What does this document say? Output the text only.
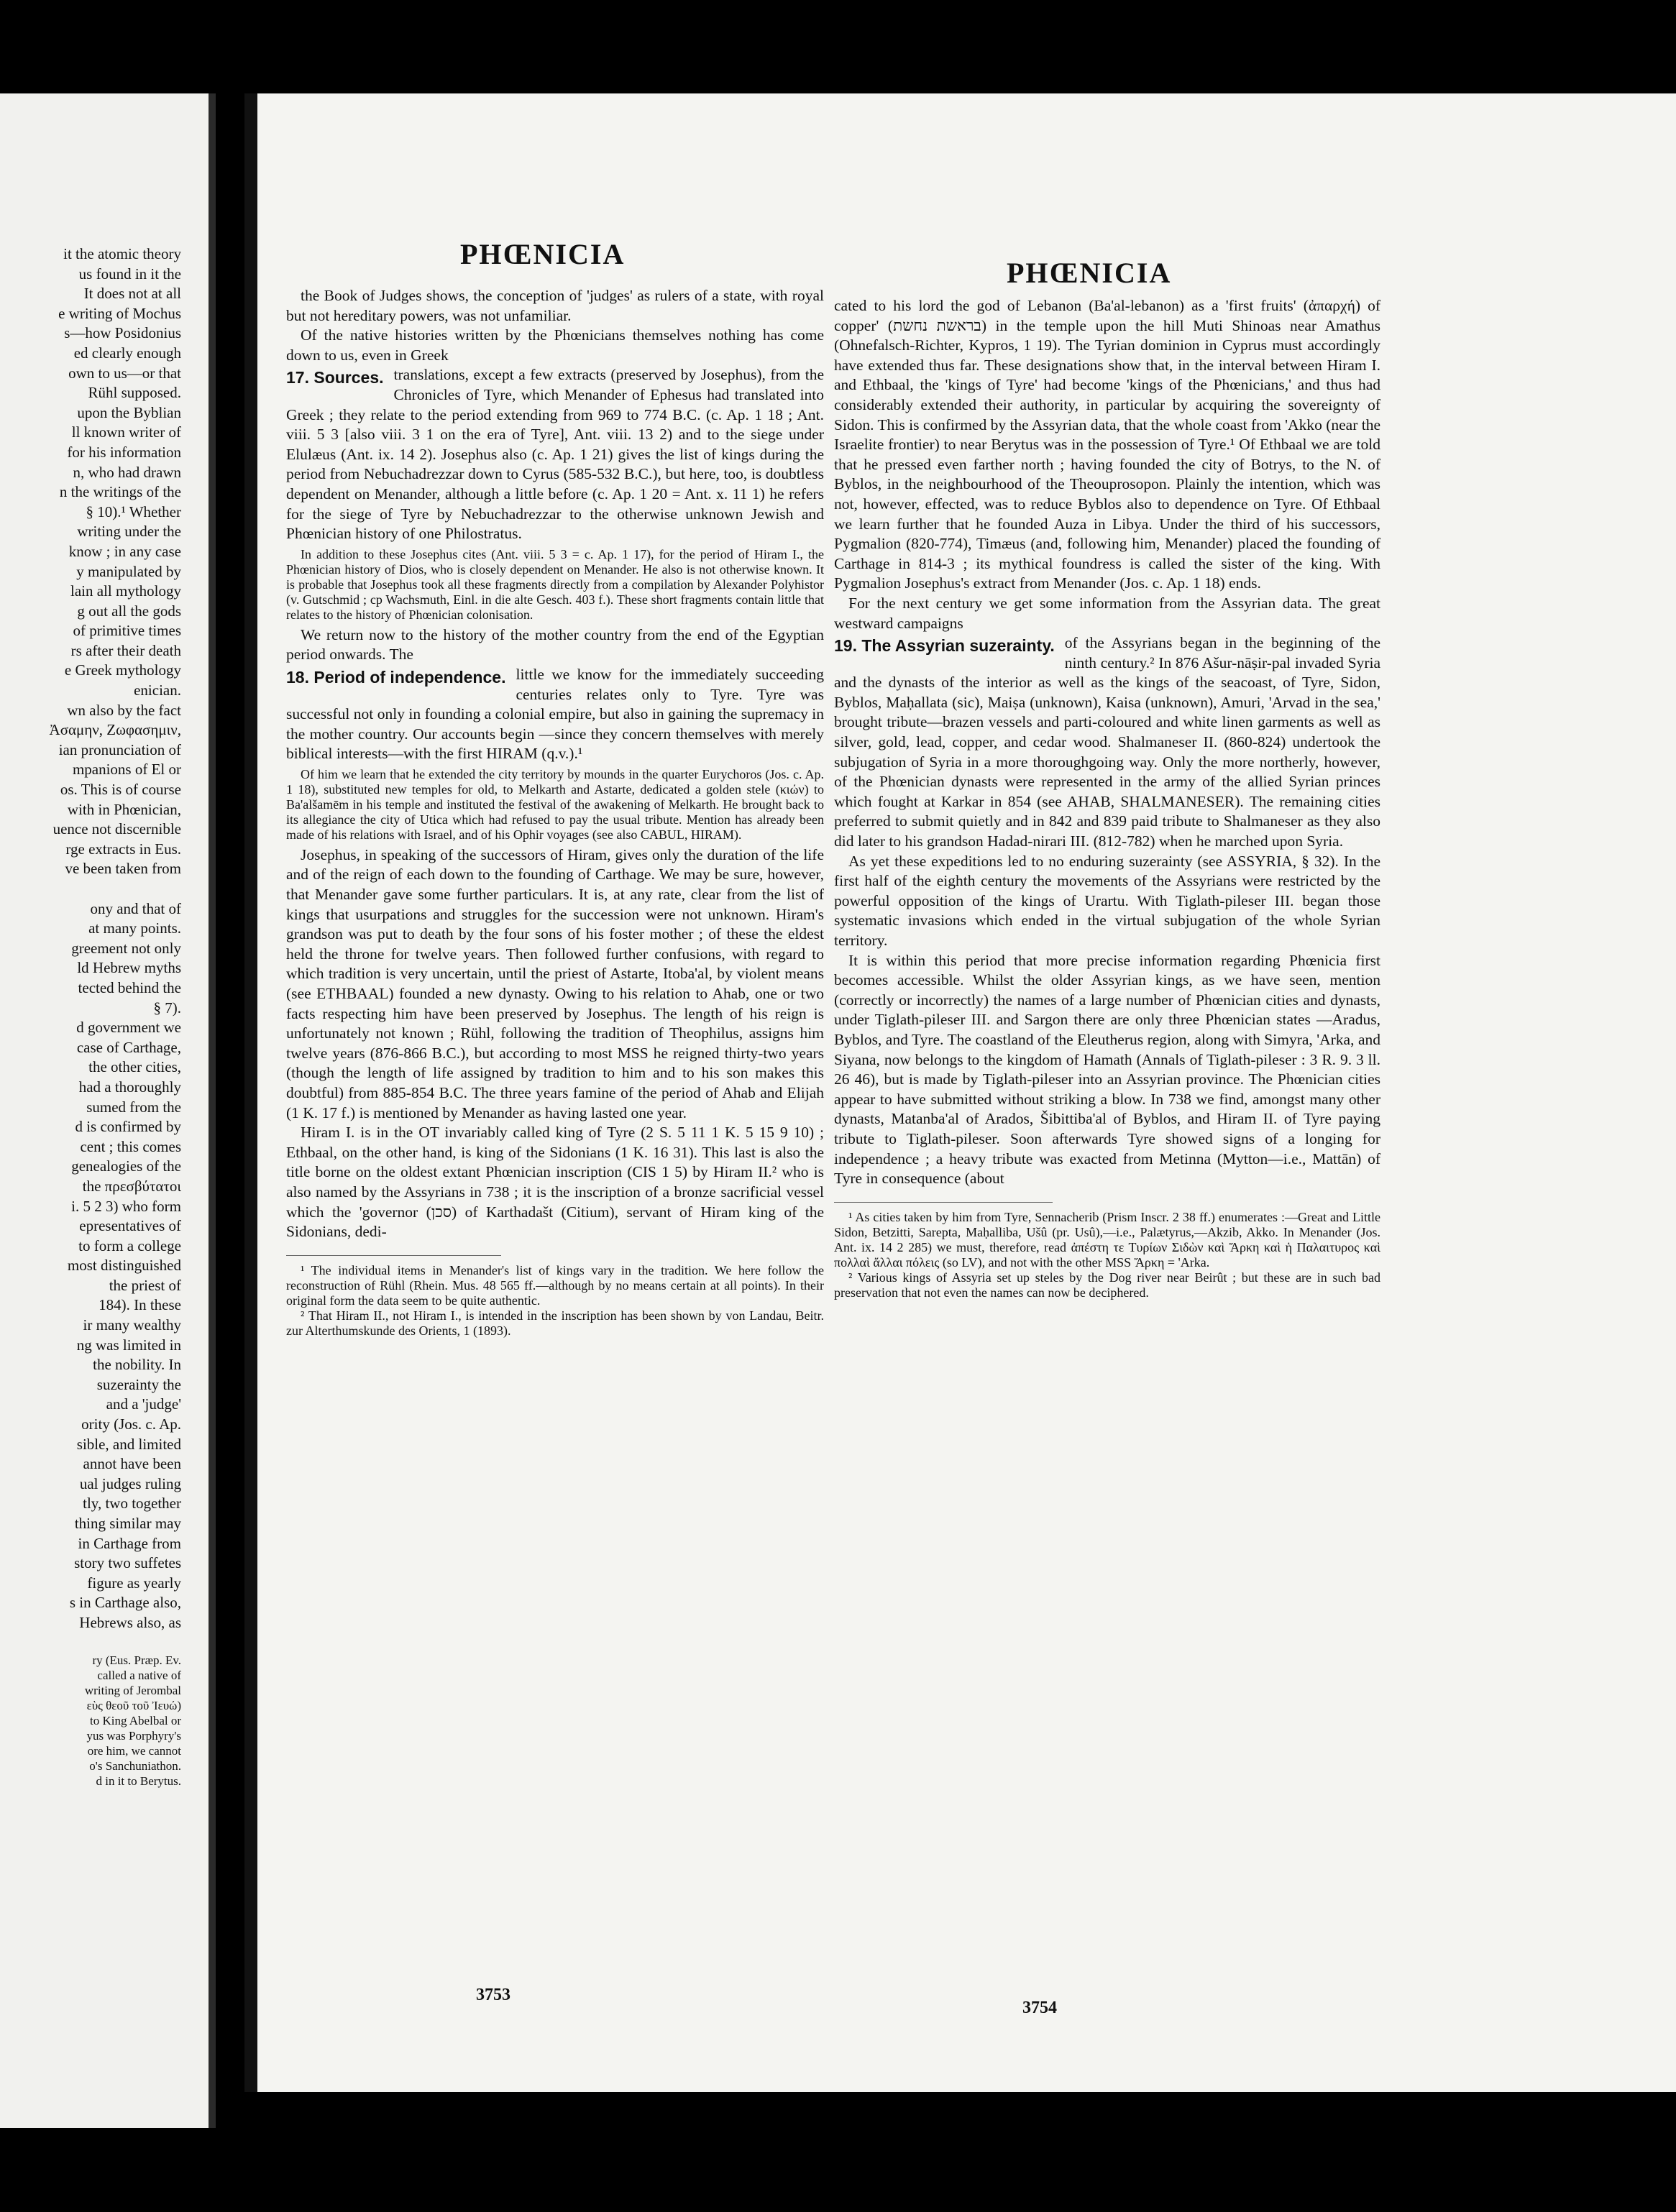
it the atomic theory
us found in it the
It does not at all
e writing of Mochus
s—how Posidonius
ed clearly enough
own to us—or that
Rühl supposed.
upon the Byblian
ll known writer of
for his information
n, who had drawn
n the writings of the
§ 10).¹ Whether
writing under the
know ; in any case
y manipulated by
lain all mythology
g out all the gods
of primitive times
rs after their death
e Greek mythology
enician.
wn also by the fact
Ἀσαμην, Ζωφασημιν,
ian pronunciation of
mpanions of El or
os. This is of course
with in Phœnician,
uence not discernible
rge extracts in Eus.
ve been taken from

ony and that of
at many points.
greement not only
ld Hebrew myths
tected behind the
§ 7).
d government we
case of Carthage,
the other cities,
had a thoroughly
sumed from the
d is confirmed by
cent ; this comes
genealogies of the
the πρεσβύτατοι
i. 5 2 3) who form
epresentatives of
to form a college
most distinguished
the priest of
184). In these
ir many wealthy
ng was limited in
the nobility. In
suzerainty the
and a 'judge'
ority (Jos. c. Ap.
sible, and limited
annot have been
ual judges ruling
tly, two together
thing similar may
in Carthage from
story two suffetes
figure as yearly
s in Carthage also,
Hebrews also, as

ry (Eus. Præp. Ev.
called a native of
writing of Jerombal
εὺς θεοῦ τοῦ Ἰευώ)
to King Abelbal or
yus was Porphyry's
ore him, we cannot
o's Sanchuniathon.
d in it to Berytus.
PHŒNICIA
PHŒNICIA

the Book of Judges shows, the conception of 'judges' as rulers of a state, with royal but not hereditary powers, was not unfamiliar.

Of the native histories written by the Phœnicians themselves nothing has come down to us, even in Greek

17. Sources. translations, except a few extracts (preserved by Josephus), from the Chronicles of Tyre, which Menander of Ephesus had translated into Greek ; they relate to the period extending from 969 to 774 B.C. (c. Ap. 1 18 ; Ant. viii. 5 3 [also viii. 3 1 on the era of Tyre], Ant. viii. 13 2) and to the siege under Elulæus (Ant. ix. 14 2). Josephus also (c. Ap. 1 21) gives the list of kings during the period from Nebuchadrezzar down to Cyrus (585-532 B.C.), but here, too, is doubtless dependent on Menander, although a little before (c. Ap. 1 20 = Ant. x. 11 1) he refers for the siege of Tyre by Nebuchadrezzar to the otherwise unknown Jewish and Phœnician history of one Philostratus.

In addition to these Josephus cites (Ant. viii. 5 3 = c. Ap. 1 17), for the period of Hiram I., the Phœnician history of Dios, who is closely dependent on Menander. He also is not otherwise known. It is probable that Josephus took all these fragments directly from a compilation by Alexander Polyhistor (v. Gutschmid ; cp Wachsmuth, Einl. in die alte Gesch. 403 f.). These short fragments contain little that relates to the history of Phœnician colonisation.

We return now to the history of the mother country from the end of the Egyptian period onwards. The

18. Period of independence. little we know for the immediately succeeding centuries relates only to Tyre. Tyre was successful not only in founding a colonial empire, but also in gaining the supremacy in the mother country. Our accounts begin —since they concern themselves with merely biblical interests—with the first HIRAM (q.v.).¹

Of him we learn that he extended the city territory by mounds in the quarter Eurychoros (Jos. c. Ap. 1 18), substituted new temples for old, to Melkarth and Astarte, dedicated a golden stele (κιών) to Ba'alšamēm in his temple and instituted the festival of the awakening of Melkarth. He brought back to its allegiance the city of Utica which had refused to pay the usual tribute. Mention has already been made of his relations with Israel, and of his Ophir voyages (see also CABUL, HIRAM).

Josephus, in speaking of the successors of Hiram, gives only the duration of the life and of the reign of each down to the founding of Carthage. We may be sure, however, that Menander gave some further particulars. It is, at any rate, clear from the list of kings that usurpations and struggles for the succession were not unknown. Hiram's grandson was put to death by the four sons of his foster mother ; of these the eldest held the throne for twelve years. Then followed further confusions, with regard to which tradition is very uncertain, until the priest of Astarte, Itoba'al, by violent means (see ETHBAAL) founded a new dynasty. Owing to his relation to Ahab, one or two facts respecting him have been preserved by Josephus. The length of his reign is unfortunately not known ; Rühl, following the tradition of Theophilus, assigns him twelve years (876-866 B.C.), but according to most MSS he reigned thirty-two years (though the length of life assigned by tradition to him and to his son makes this doubtful) from 885-854 B.C. The three years famine of the period of Ahab and Elijah (1 K. 17 f.) is mentioned by Menander as having lasted one year.

Hiram I. is in the OT invariably called king of Tyre (2 S. 5 11 1 K. 5 15 9 10) ; Ethbaal, on the other hand, is king of the Sidonians (1 K. 16 31). This last is also the title borne on the oldest extant Phœnician inscription (CIS 1 5) by Hiram II.² who is also named by the Assyrians in 738 ; it is the inscription of a bronze sacrificial vessel which the 'governor (סכן) of Karthadašt (Citium), servant of Hiram king of the Sidonians, dedi-

¹ The individual items in Menander's list of kings vary in the tradition. We here follow the reconstruction of Rühl (Rhein. Mus. 48 565 ff.—although by no means certain at all points). In their original form the data seem to be quite authentic.

² That Hiram II., not Hiram I., is intended in the inscription has been shown by von Landau, Beitr. zur Alterthumskunde des Orients, 1 (1893).

cated to his lord the god of Lebanon (Ba'al-lebanon) as a 'first fruits' (ἀπαρχή) of copper' (בראשת נחשת) in the temple upon the hill Muti Shinoas near Amathus (Ohnefalsch-Richter, Kypros, 1 19). The Tyrian dominion in Cyprus must accordingly have extended thus far. These designations show that, in the interval between Hiram I. and Ethbaal, the 'kings of Tyre' had become 'kings of the Phœnicians,' and thus had considerably extended their authority, in particular by acquiring the sovereignty of Sidon. This is confirmed by the Assyrian data, that the whole coast from 'Akko (near the Israelite frontier) to near Berytus was in the possession of Tyre.¹ Of Ethbaal we are told that he pressed even farther north ; having founded the city of Botrys, to the N. of Byblos, in the neighbourhood of the Theouprosopon. Plainly the intention, which was not, however, effected, was to reduce Byblos also to dependence on Tyre. Of Ethbaal we learn further that he founded Auza in Libya. Under the third of his successors, Pygmalion (820-774), Timæus (and, following him, Menander) placed the founding of Carthage in 814-3 ; its mythical foundress is called the sister of the king. With Pygmalion Josephus's extract from Menander (Jos. c. Ap. 1 18) ends.

For the next century we get some information from the Assyrian data. The great westward campaigns

19. The Assyrian suzerainty. of the Assyrians began in the beginning of the ninth century.² In 876 Ašur-nāṣir-pal invaded Syria and the dynasts of the interior as well as the kings of the seacoast, of Tyre, Sidon, Byblos, Maḥallata (sic), Maiṣa (unknown), Kaisa (unknown), Amuri, 'Arvad in the sea,' brought tribute—brazen vessels and parti-coloured and white linen garments as well as silver, gold, lead, copper, and cedar wood. Shalmaneser II. (860-824) undertook the subjugation of Syria in a more thoroughgoing way. Only the more northerly, however, of the Phœnician dynasts were represented in the army of the allied Syrian princes which fought at Karkar in 854 (see AHAB, SHALMANESER). The remaining cities preferred to submit quietly and in 842 and 839 paid tribute to Shalmaneser as they also did later to his grandson Hadad-nirari III. (812-782) when he marched upon Syria.

As yet these expeditions led to no enduring suzerainty (see ASSYRIA, § 32). In the first half of the eighth century the movements of the Assyrians were restricted by the powerful opposition of the kings of Urartu. With Tiglath-pileser III. began those systematic invasions which ended in the virtual subjugation of the whole Syrian territory.

It is within this period that more precise information regarding Phœnicia first becomes accessible. Whilst the older Assyrian kings, as we have seen, mention (correctly or incorrectly) the names of a large number of Phœnician cities and dynasts, under Tiglath-pileser III. and Sargon there are only three Phœnician states —Aradus, Byblos, and Tyre. The coastland of the Eleutherus region, along with Simyra, 'Arka, and Siyana, now belongs to the kingdom of Hamath (Annals of Tiglath-pileser : 3 R. 9. 3 ll. 26 46), but is made by Tiglath-pileser into an Assyrian province. The Phœnician cities appear to have submitted without striking a blow. In 738 we find, amongst many other dynasts, Matanba'al of Arados, Šibittiba'al of Byblos, and Hiram II. of Tyre paying tribute to Tiglath-pileser. Soon afterwards Tyre showed signs of a longing for independence ; a heavy tribute was exacted from Metinna (Mytton—i.e., Mattān) of Tyre in consequence (about

¹ As cities taken by him from Tyre, Sennacherib (Prism Inscr. 2 38 ff.) enumerates :—Great and Little Sidon, Betzitti, Sarepta, Maḥalliba, Ušû (pr. Usû),—i.e., Palætyrus,—Akzib, Akko. In Menander (Jos. Ant. ix. 14 2 285) we must, therefore, read ἀπέστη τε Τυρίων Σιδὼν καὶ Ἄρκη καὶ ἡ Παλαιτυρος καὶ πολλαὶ ἄλλαι πόλεις (so LV), and not with the other MSS Ἄρκη = 'Arka.

² Various kings of Assyria set up steles by the Dog river near Beirût ; but these are in such bad preservation that not even the names can now be deciphered.

3753
3754
